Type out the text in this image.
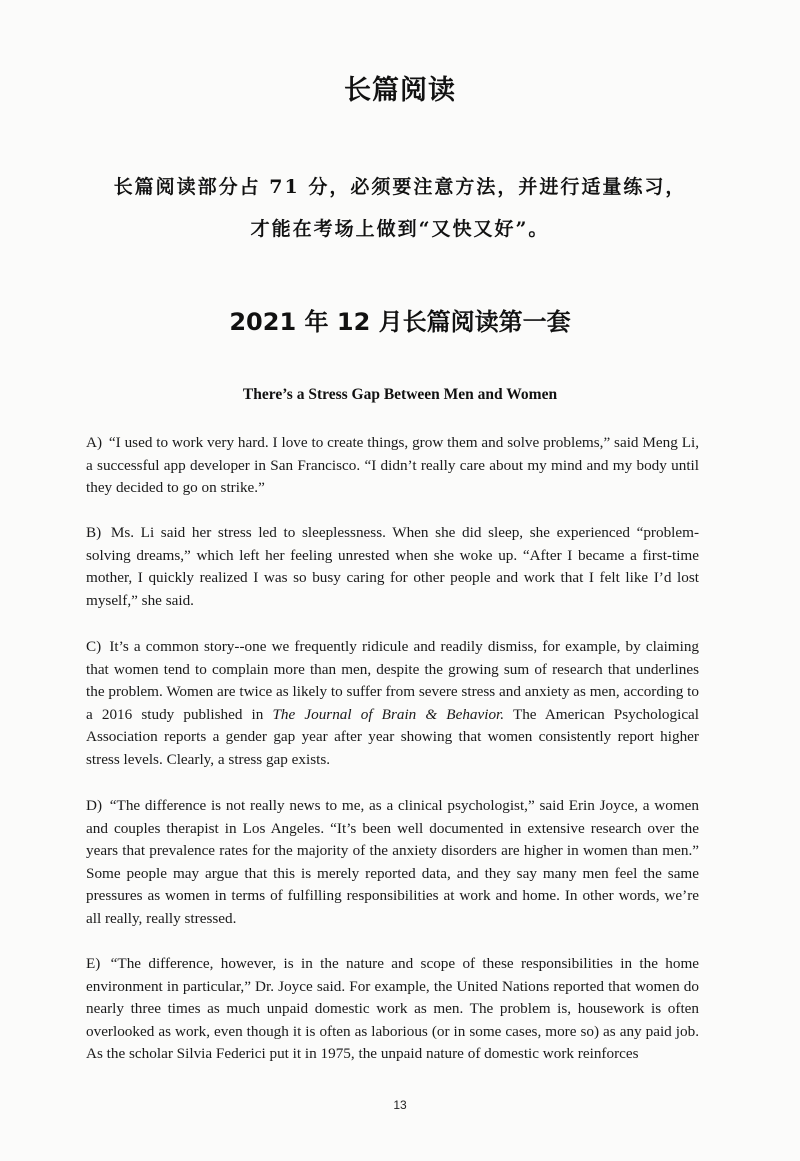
长篇阅读
长篇阅读部分占 71 分，必须要注意方法，并进行适量练习，
才能在考场上做到“又快又好”。
2021 年 12 月长篇阅读第一套
There’s a Stress Gap Between Men and Women
A) “I used to work very hard. I love to create things, grow them and solve problems,” said Meng Li, a successful app developer in San Francisco. “I didn’t really care about my mind and my body until they decided to go on strike.”
B) Ms. Li said her stress led to sleeplessness. When she did sleep, she experienced “problem-solving dreams,” which left her feeling unrested when she woke up. “After I became a first-time mother, I quickly realized I was so busy caring for other people and work that I felt like I’d lost myself,” she said.
C) It’s a common story--one we frequently ridicule and readily dismiss, for example, by claiming that women tend to complain more than men, despite the growing sum of research that underlines the problem. Women are twice as likely to suffer from severe stress and anxiety as men, according to a 2016 study published in The Journal of Brain & Behavior. The American Psychological Association reports a gender gap year after year showing that women consistently report higher stress levels. Clearly, a stress gap exists.
D) “The difference is not really news to me, as a clinical psychologist,” said Erin Joyce, a women and couples therapist in Los Angeles. “It’s been well documented in extensive research over the years that prevalence rates for the majority of the anxiety disorders are higher in women than men.” Some people may argue that this is merely reported data, and they say many men feel the same pressures as women in terms of fulfilling responsibilities at work and home. In other words, we’re all really, really stressed.
E) “The difference, however, is in the nature and scope of these responsibilities in the home environment in particular,” Dr. Joyce said. For example, the United Nations reported that women do nearly three times as much unpaid domestic work as men. The problem is, housework is often overlooked as work, even though it is often as laborious (or in some cases, more so) as any paid job. As the scholar Silvia Federici put it in 1975, the unpaid nature of domestic work reinforces
13
